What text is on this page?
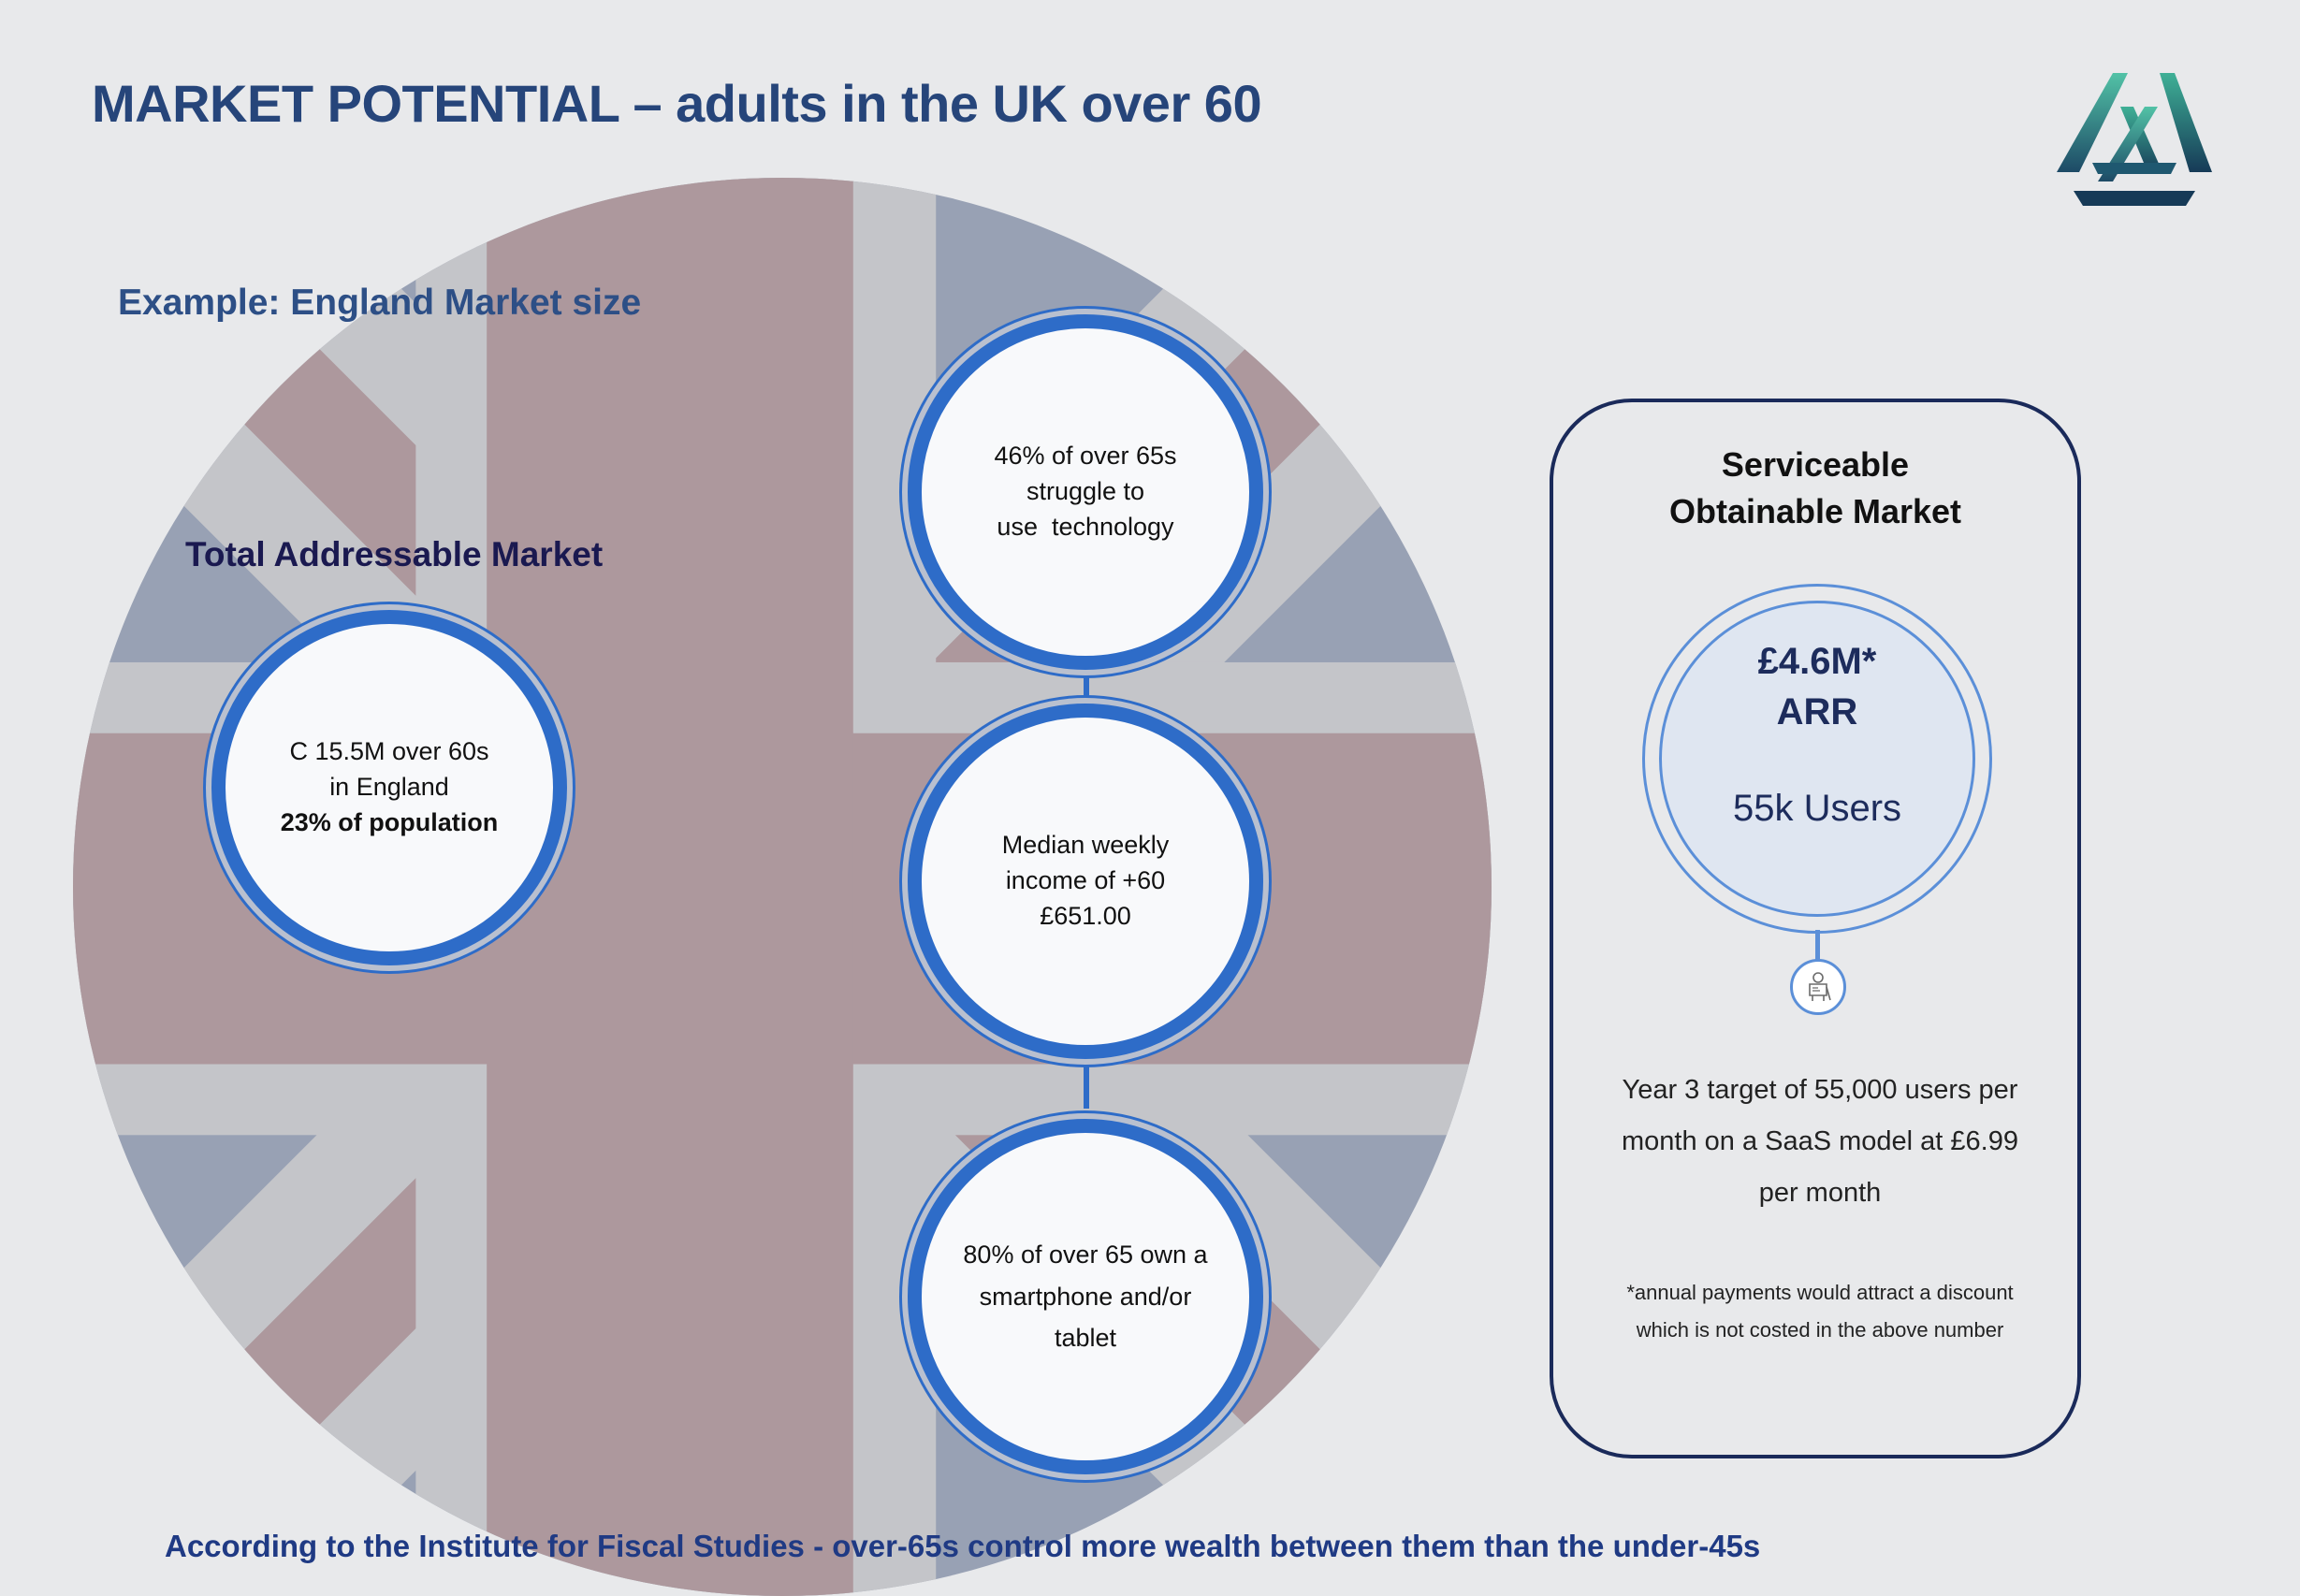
MARKET POTENTIAL – adults in the UK over 60
Example: England Market size
Total Addressable Market
C 15.5M over 60s
in England
23% of population
46% of over 65s
struggle to
use  technology
Median weekly
income of +60
£651.00
80% of over 65 own a
smartphone and/or
tablet
Serviceable
Obtainable Market
£4.6M*
ARR
55k Users
Year 3 target of 55,000 users per
month on a SaaS model at £6.99
per month
*annual payments would attract a discount
which is not costed in the above number
According to the Institute for Fiscal Studies - over-65s control more wealth between them than the under-45s
